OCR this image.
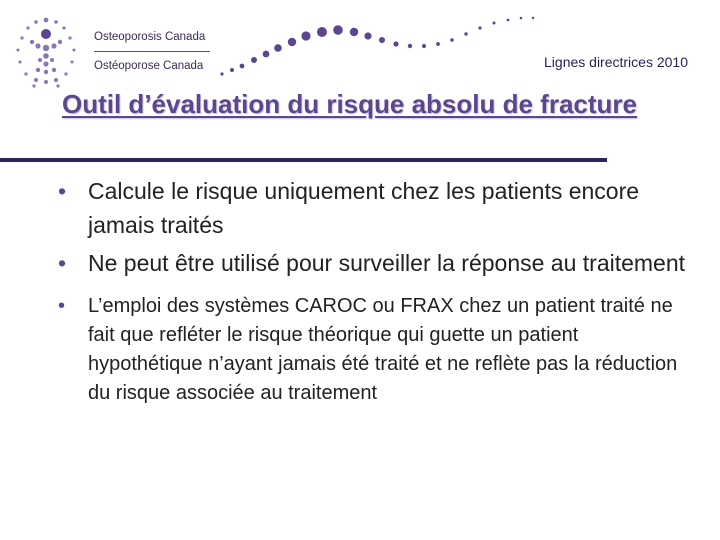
Osteoporosis Canada
Ostéoporose Canada	Lignes directrices 2010
Outil d’évaluation du risque absolu de fracture
• Calcule le risque uniquement chez les patients encore jamais traités
• Ne peut être utilisé pour surveiller la réponse au traitement
• L’emploi des systèmes CAROC ou FRAX chez un patient traité ne fait que refléter le risque théorique qui guette un patient hypothétique n’ayant jamais été traité et ne reflète pas la réduction du risque associée au traitement
